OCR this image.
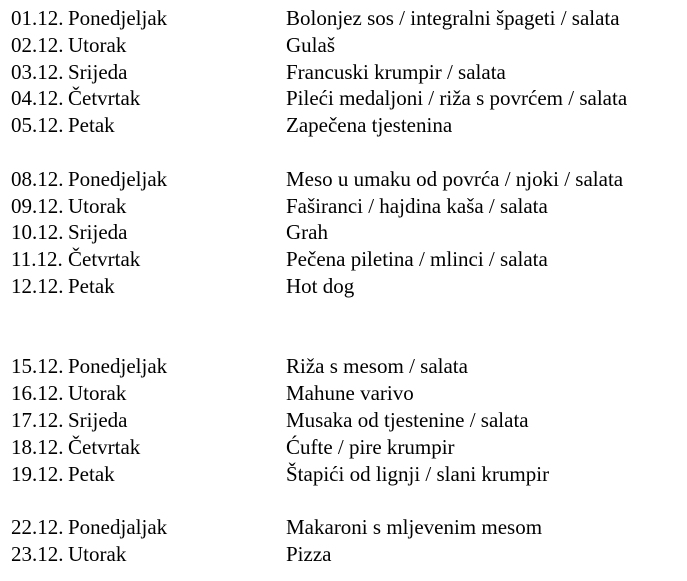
01.12. Ponedjeljak	Bolonjez sos / integralni špageti / salata
02.12. Utorak	Gulaš
03.12. Srijeda	Francuski krumpir / salata
04.12. Četvrtak	Pileći medaljoni / riža s povrćem / salata
05.12. Petak	Zapečena tjestenina
08.12. Ponedjeljak	Meso u umaku od povrća / njoki / salata
09.12. Utorak	Faširanci / hajdina kaša / salata
10.12. Srijeda	Grah
11.12. Četvrtak	Pečena piletina / mlinci / salata
12.12. Petak	Hot dog
15.12. Ponedjeljak	Riža s mesom / salata
16.12. Utorak	Mahune varivo
17.12. Srijeda	Musaka od tjestenine / salata
18.12. Četvrtak	Ćufte / pire krumpir
19.12. Petak	Štapići od lignji / slani krumpir
22.12. Ponedjaljak	Makaroni s mljevenim mesom
23.12. Utorak	Pizza
